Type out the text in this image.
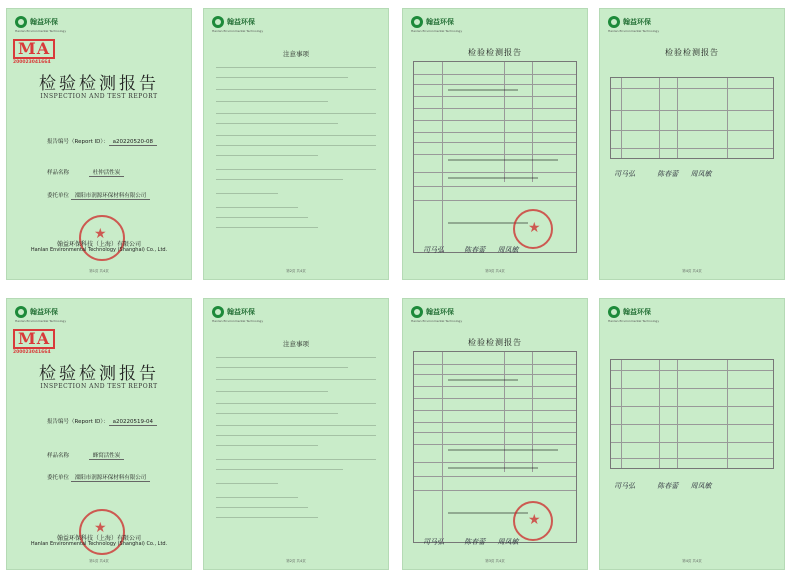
翰益环保
Hanlan Environmental Technology
MA
200023041664
检验检测报告
INSPECTION AND TEST REPORT
报告编号（Report ID）： a20220520-08
样品名称	杜仲活性炭
委托单位 溧阳市润源环保材料有限公司
★
翰益环保科技（上海）有限公司
Hanlan Environmental Technology (Shanghai) Co., Ltd.
第1页 共4页
翰益环保
Hanlan Environmental Technology
注意事项
第2页 共4页
翰益环保
Hanlan Environmental Technology
检验检测报告
★
司马弘	陈春蕾 周凤敏
第3页 共4页
翰益环保
Hanlan Environmental Technology
检验检测报告
司马弘	陈春蕾 周凤敏
第4页 共4页
翰益环保
Hanlan Environmental Technology
MA
200023041664
检验检测报告
INSPECTION AND TEST REPORT
报告编号（Report ID）： a20220519-04
样品名称	蜂窝活性炭
委托单位 溧阳市润源环保材料有限公司
★
翰益环保科技（上海）有限公司
Hanlan Environmental Technology (Shanghai) Co., Ltd.
第1页 共4页
翰益环保
Hanlan Environmental Technology
注意事项
第2页 共4页
翰益环保
Hanlan Environmental Technology
检验检测报告
★
司马弘	陈春蕾 周凤敏
第3页 共4页
翰益环保
Hanlan Environmental Technology
司马弘	陈春蕾 周凤敏
第4页 共4页
